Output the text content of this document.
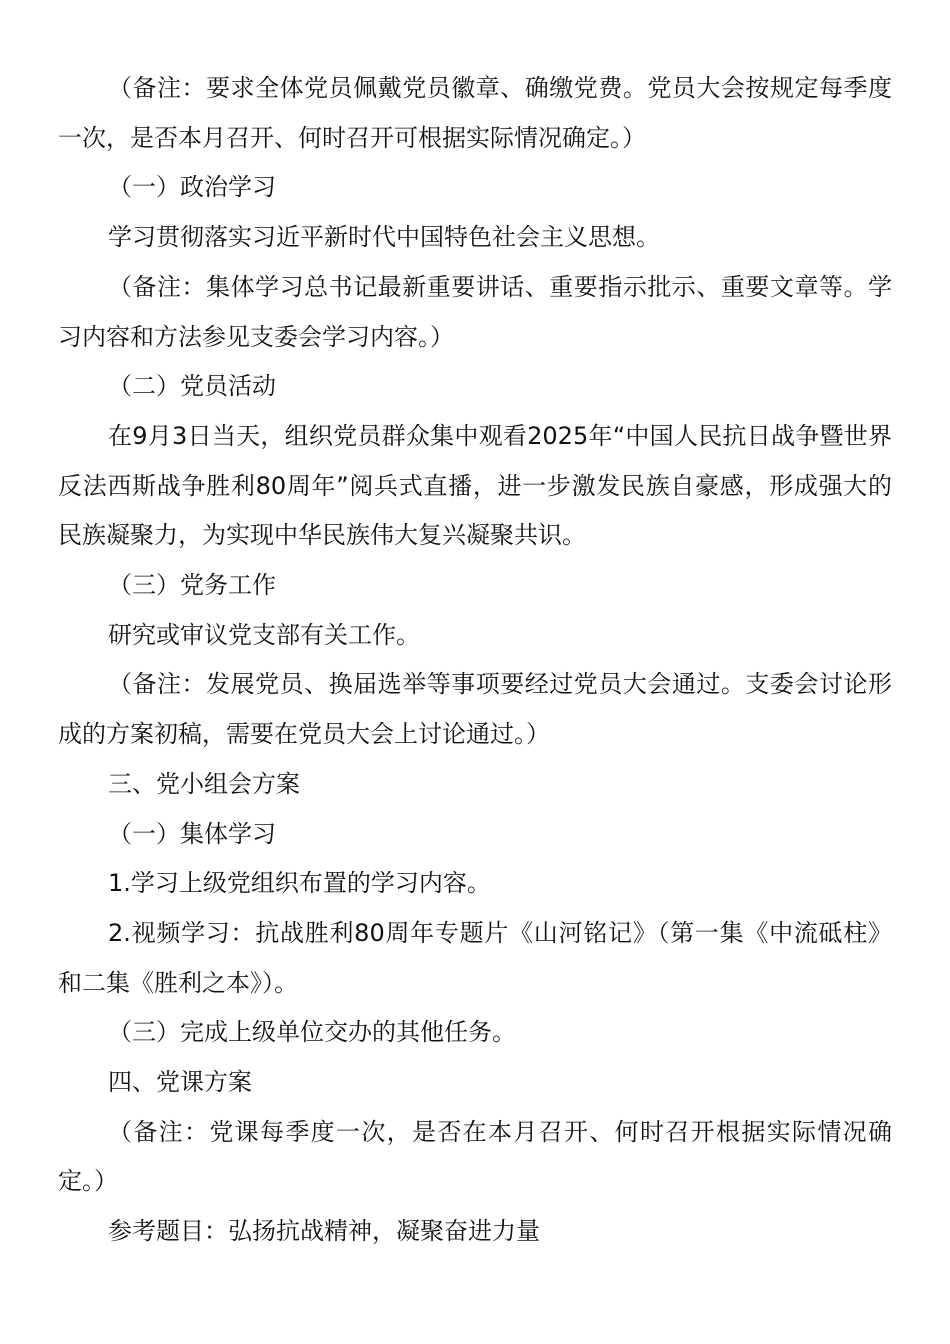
（备注：要求全体党员佩戴党员徽章、确缴党费。党员大会按规定每季度一次，是否本月召开、何时召开可根据实际情况确定。）

（一）政治学习

学习贯彻落实习近平新时代中国特色社会主义思想。

（备注：集体学习总书记最新重要讲话、重要指示批示、重要文章等。学习内容和方法参见支委会学习内容。）

（二）党员活动

在9月3日当天，组织党员群众集中观看2025年“中国人民抗日战争暨世界反法西斯战争胜利80周年”阅兵式直播，进一步激发民族自豪感，形成强大的民族凝聚力，为实现中华民族伟大复兴凝聚共识。

（三）党务工作

研究或审议党支部有关工作。

（备注：发展党员、换届选举等事项要经过党员大会通过。支委会讨论形成的方案初稿，需要在党员大会上讨论通过。）

三、党小组会方案

（一）集体学习

1.学习上级党组织布置的学习内容。

2.视频学习：抗战胜利80周年专题片《山河铭记》（第一集《中流砥柱》和二集《胜利之本》）。

（三）完成上级单位交办的其他任务。

四、党课方案

（备注：党课每季度一次，是否在本月召开、何时召开根据实际情况确定。）

参考题目：弘扬抗战精神，凝聚奋进力量
